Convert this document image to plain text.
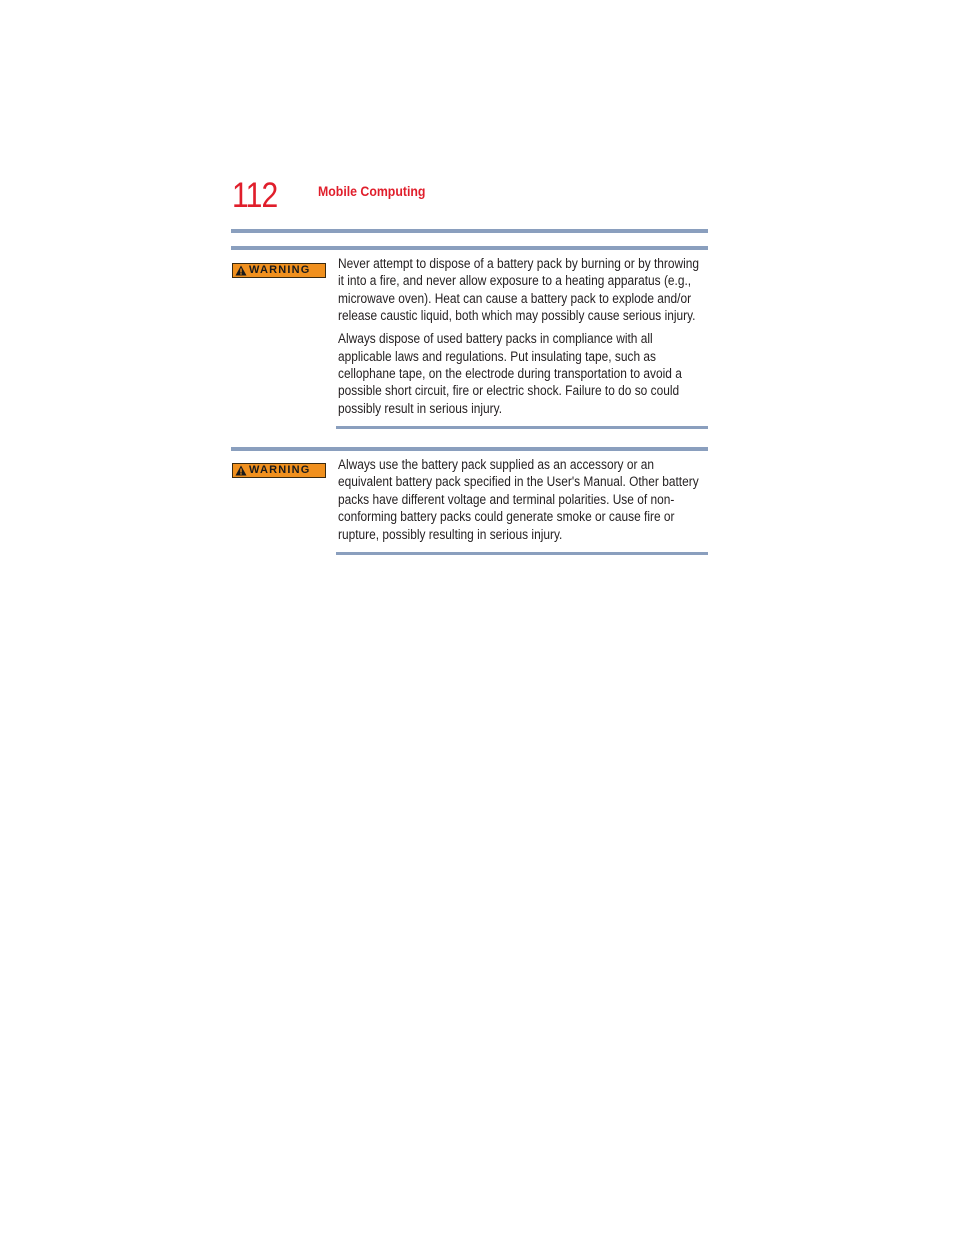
112	Mobile Computing
WARNING Never attempt to dispose of a battery pack by burning or by throwing it into a fire, and never allow exposure to a heating apparatus (e.g., microwave oven). Heat can cause a battery pack to explode and/or release caustic liquid, both which may possibly cause serious injury.

Always dispose of used battery packs in compliance with all applicable laws and regulations. Put insulating tape, such as cellophane tape, on the electrode during transportation to avoid a possible short circuit, fire or electric shock. Failure to do so could possibly result in serious injury.

WARNING Always use the battery pack supplied as an accessory or an equivalent battery pack specified in the User's Manual. Other battery packs have different voltage and terminal polarities. Use of non-conforming battery packs could generate smoke or cause fire or rupture, possibly resulting in serious injury.
